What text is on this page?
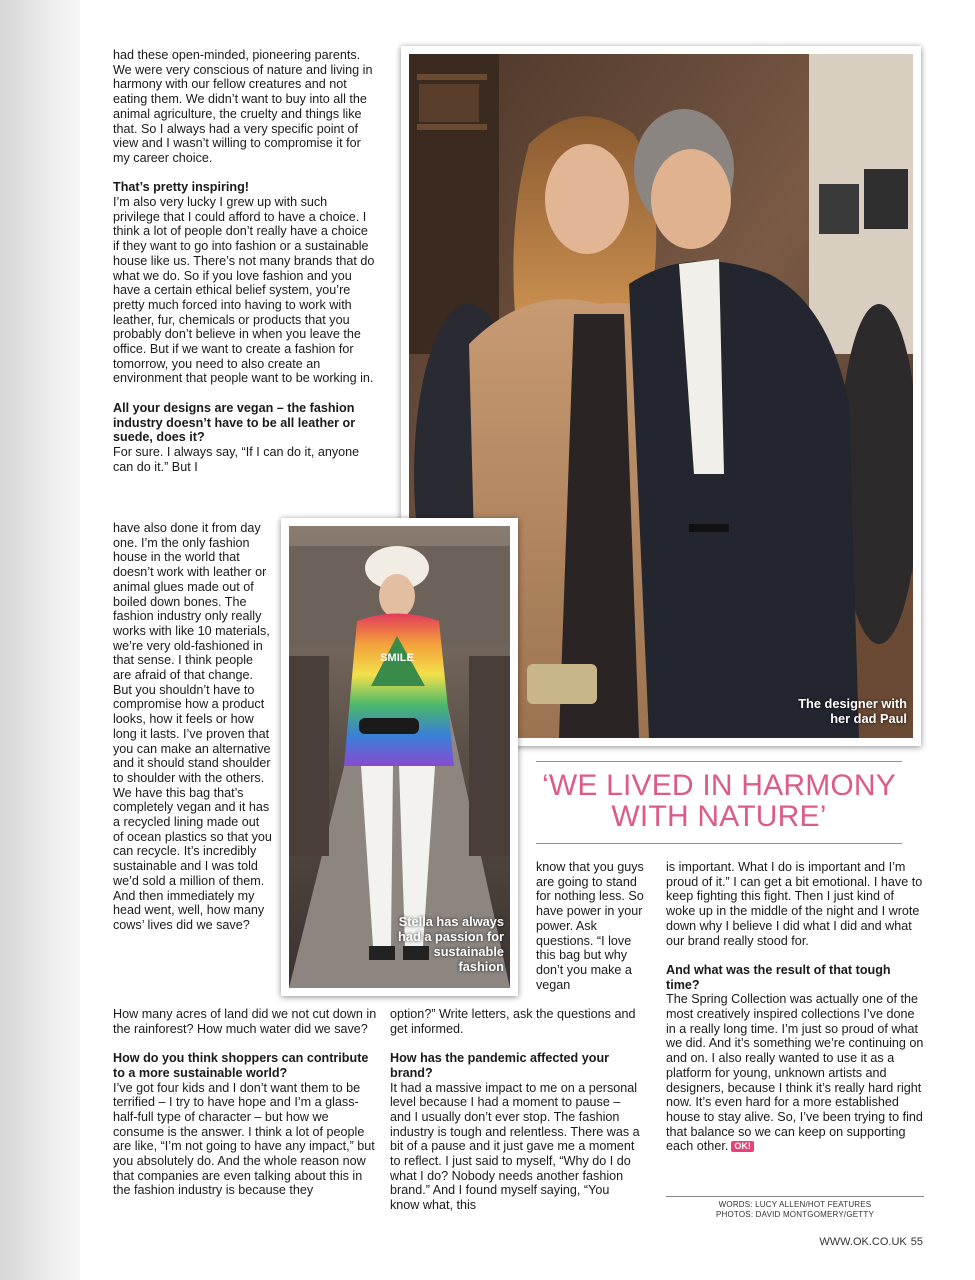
had these open-minded, pioneering parents. We were very conscious of nature and living in harmony with our fellow creatures and not eating them. We didn’t want to buy into all the animal agriculture, the cruelty and things like that. So I always had a very specific point of view and I wasn’t willing to compromise it for my career choice.

That’s pretty inspiring!

I’m also very lucky I grew up with such privilege that I could afford to have a choice. I think a lot of people don’t really have a choice if they want to go into fashion or a sustainable house like us. There’s not many brands that do what we do. So if you love fashion and you have a certain ethical belief system, you’re pretty much forced into having to work with leather, fur, chemicals or products that you probably don’t believe in when you leave the office. But if we want to create a fashion for tomorrow, you need to also create an environment that people want to be working in.

All your designs are vegan – the fashion industry doesn’t have to be all leather or suede, does it?

For sure. I always say, “If I can do it, anyone can do it.” But I

have also done it from day one. I’m the only fashion house in the world that doesn’t work with leather or animal glues made out of boiled down bones. The fashion industry only really works with like 10 materials, we’re very old-fashioned in that sense. I think people are afraid of that change. But you shouldn’t have to compromise how a product looks, how it feels or how long it lasts. I’ve proven that you can make an alternative and it should stand shoulder to shoulder with the others. We have this bag that’s completely vegan and it has a recycled lining made out of ocean plastics so that you can recycle. It’s incredibly sustainable and I was told we’d sold a million of them. And then immediately my head went, well, how many cows’ lives did we save?

How many acres of land did we not cut down in the rainforest? How much water did we save?

How do you think shoppers can contribute to a more sustainable world?

I’ve got four kids and I don’t want them to be terrified – I try to have hope and I’m a glass-half-full type of character – but how we consume is the answer. I think a lot of people are like, “I’m not going to have any impact,” but you absolutely do. And the whole reason now that companies are even talking about this in the fashion industry is because they

The designer with her dad Paul
SMILE
Stella has always had a passion for sustainable fashion
‘WE LIVED IN HARMONY WITH NATURE’

know that you guys are going to stand for nothing less. So have power in your power. Ask questions. “I love this bag but why don’t you make a vegan

option?” Write letters, ask the questions and get informed.

How has the pandemic affected your brand?

It had a massive impact to me on a personal level because I had a moment to pause – and I usually don’t ever stop. The fashion industry is tough and relentless. There was a bit of a pause and it just gave me a moment to reflect. I just said to myself, “Why do I do what I do? Nobody needs another fashion brand.” And I found myself saying, “You know what, this

is important. What I do is important and I’m proud of it.” I can get a bit emotional. I have to keep fighting this fight. Then I just kind of woke up in the middle of the night and I wrote down why I believe I did what I did and what our brand really stood for.

And what was the result of that tough time?

The Spring Collection was actually one of the most creatively inspired collections I’ve done in a really long time. I’m just so proud of what we did. And it’s something we’re continuing on and on. I also really wanted to use it as a platform for young, unknown artists and designers, because I think it’s really hard right now. It’s even hard for a more established house to stay alive. So, I’ve been trying to find that balance so we can keep on supporting each other. OK!

WORDS: LUCY ALLEN/HOT FEATURES
PHOTOS: DAVID MONTGOMERY/GETTY
WWW.OK.CO.UK 55
